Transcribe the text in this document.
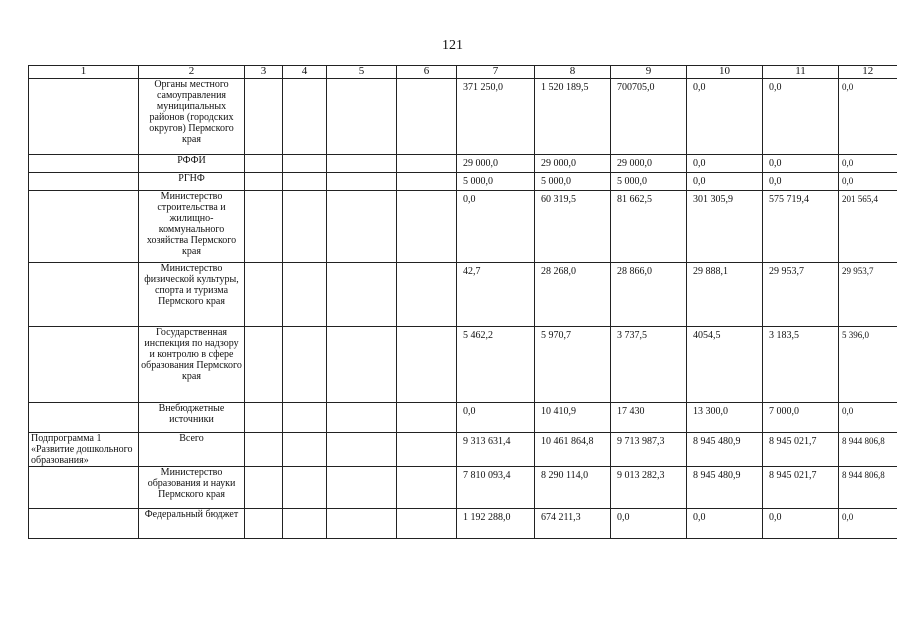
121
1	2	3	4	5	6	7	8	9	10	11	12
	Органы местного самоуправления муниципальных районов (городских округов) Пермского края					371 250,0	1 520 189,5	700705,0	0,0	0,0	0,0
	РФФИ					29 000,0	29 000,0	29 000,0	0,0	0,0	0,0
	РГНФ					5 000,0	5 000,0	5 000,0	0,0	0,0	0,0
	Министерство строительства и жилищно-коммунального хозяйства Пермского края					0,0	60 319,5	81 662,5	301 305,9	575 719,4	201 565,4
	Министерство физической культуры, спорта и туризма Пермского края					42,7	28 268,0	28 866,0	29 888,1	29 953,7	29 953,7
	Государственная инспекция по надзору и контролю в сфере образования Пермского края					5 462,2	5 970,7	3 737,5	4054,5	3 183,5	5 396,0
	Внебюджетные источники					0,0	10 410,9	17 430	13 300,0	7 000,0	0,0
Подпрограмма 1 «Развитие дошкольного образования»	Всего					9 313 631,4	10 461 864,8	9 713 987,3	8 945 480,9	8 945 021,7	8 944 806,8
	Министерство образования и науки Пермского края					7 810 093,4	8 290 114,0	9 013 282,3	8 945 480,9	8 945 021,7	8 944 806,8
	Федеральный бюджет					1 192 288,0	674 211,3	0,0	0,0	0,0	0,0
